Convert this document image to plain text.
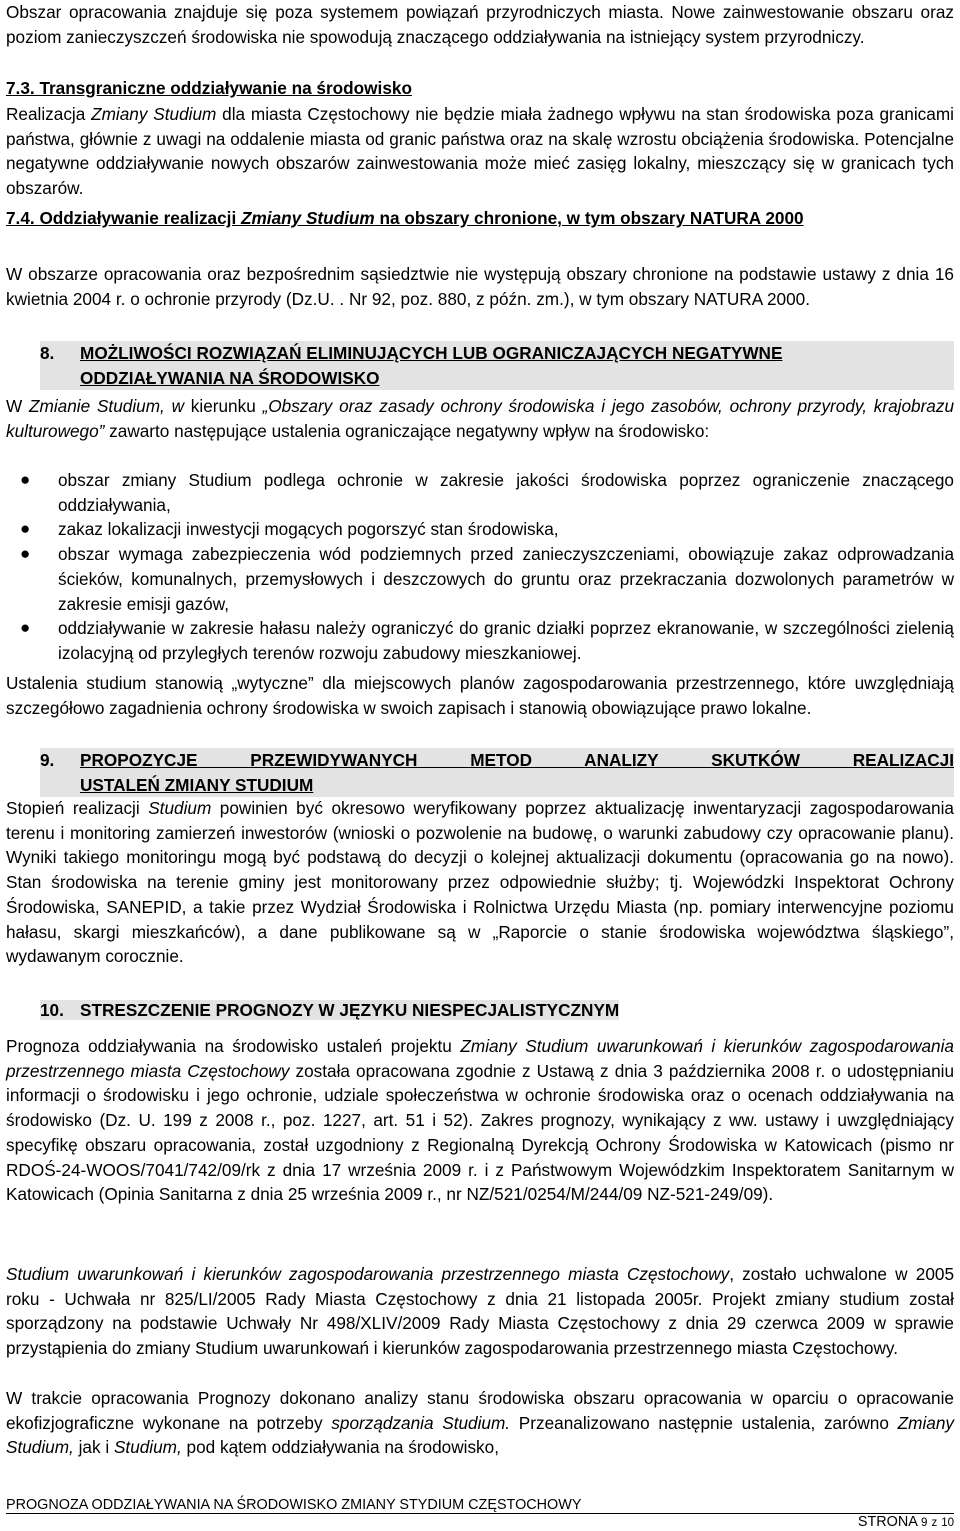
Obszar opracowania znajduje się poza systemem powiązań przyrodniczych miasta. Nowe zainwestowanie obszaru oraz poziom zanieczyszczeń środowiska nie spowodują znaczącego oddziaływania na istniejący system przyrodniczy.
7.3. Transgraniczne oddziaływanie na środowisko
Realizacja Zmiany Studium dla miasta Częstochowy nie będzie miała żadnego wpływu na stan środowiska poza granicami państwa, głównie z uwagi na oddalenie miasta od granic państwa oraz na skalę wzrostu obciążenia środowiska. Potencjalne negatywne oddziaływanie nowych obszarów zainwestowania może mieć zasięg lokalny, mieszczący się w granicach tych obszarów.
7.4. Oddziaływanie realizacji Zmiany Studium na obszary chronione, w tym obszary NATURA 2000
W obszarze opracowania oraz bezpośrednim sąsiedztwie nie występują obszary chronione na podstawie ustawy z dnia 16 kwietnia 2004 r. o ochronie przyrody (Dz.U. . Nr 92, poz. 880, z późn. zm.), w tym obszary NATURA 2000.
8. MOŻLIWOŚCI ROZWIĄZAŃ ELIMINUJĄCYCH LUB OGRANICZAJĄCYCH NEGATYWNE
ODDZIAŁYWANIA NA ŚRODOWISKO
W Zmianie Studium, w kierunku „Obszary oraz zasady ochrony środowiska i jego zasobów, ochrony przyrody, krajobrazu kulturowego” zawarto następujące ustalenia ograniczające negatywny wpływ na środowisko:
● obszar zmiany Studium podlega ochronie w zakresie jakości środowiska poprzez ograniczenie znaczącego oddziaływania,
● zakaz lokalizacji inwestycji mogących pogorszyć stan środowiska,
● obszar wymaga zabezpieczenia wód podziemnych przed zanieczyszczeniami, obowiązuje zakaz odprowadzania ścieków, komunalnych, przemysłowych i deszczowych do gruntu oraz przekraczania dozwolonych parametrów w zakresie emisji gazów,
● oddziaływanie w zakresie hałasu należy ograniczyć do granic działki poprzez ekranowanie, w szczególności zielenią izolacyjną od przyległych terenów rozwoju zabudowy mieszkaniowej.
Ustalenia studium stanowią „wytyczne” dla miejscowych planów zagospodarowania przestrzennego, które uwzględniają szczegółowo zagadnienia ochrony środowiska w swoich zapisach i stanowią obowiązujące prawo lokalne.
9. PROPOZYCJE PRZEWIDYWANYCH METOD ANALIZY SKUTKÓW REALIZACJI
USTALEŃ ZMIANY STUDIUM
Stopień realizacji Studium powinien być okresowo weryfikowany poprzez aktualizację inwentaryzacji zagospodarowania terenu i monitoring zamierzeń inwestorów (wnioski o pozwolenie na budowę, o warunki zabudowy czy opracowanie planu). Wyniki takiego monitoringu mogą być podstawą do decyzji o kolejnej aktualizacji dokumentu (opracowania go na nowo). Stan środowiska na terenie gminy jest monitorowany przez odpowiednie służby; tj. Wojewódzki Inspektorat Ochrony Środowiska, SANEPID, a takie przez Wydział Środowiska i Rolnictwa Urzędu Miasta (np. pomiary interwencyjne poziomu hałasu, skargi mieszkańców), a dane publikowane są w „Raporcie o stanie środowiska województwa śląskiego”, wydawanym corocznie.
10. STRESZCZENIE PROGNOZY W JĘZYKU NIESPECJALISTYCZNYM
Prognoza oddziaływania na środowisko ustaleń projektu Zmiany Studium uwarunkowań i kierunków zagospodarowania przestrzennego miasta Częstochowy została opracowana zgodnie z Ustawą z dnia 3 października 2008 r. o udostępnianiu informacji o środowisku i jego ochronie, udziale społeczeństwa w ochronie środowiska oraz o ocenach oddziaływania na środowisko (Dz. U. 199 z 2008 r., poz. 1227, art. 51 i 52). Zakres prognozy, wynikający z ww. ustawy i uwzględniający specyfikę obszaru opracowania, został uzgodniony z Regionalną Dyrekcją Ochrony Środowiska w Katowicach (pismo nr RDOŚ-24-WOOS/7041/742/09/rk z dnia 17 września 2009 r. i z Państwowym Wojewódzkim Inspektoratem Sanitarnym w Katowicach (Opinia Sanitarna z dnia 25 września 2009 r., nr NZ/521/0254/M/244/09 NZ-521-249/09).
Studium uwarunkowań i kierunków zagospodarowania przestrzennego miasta Częstochowy, zostało uchwalone w 2005 roku - Uchwała nr 825/LI/2005 Rady Miasta Częstochowy z dnia 21 listopada 2005r. Projekt zmiany studium został sporządzony na podstawie Uchwały Nr 498/XLIV/2009 Rady Miasta Częstochowy z dnia 29 czerwca 2009 w sprawie przystąpienia do zmiany Studium uwarunkowań i kierunków zagospodarowania przestrzennego miasta Częstochowy.
W trakcie opracowania Prognozy dokonano analizy stanu środowiska obszaru opracowania w oparciu o opracowanie ekofizjograficzne wykonane na potrzeby sporządzania Studium. Przeanalizowano następnie ustalenia, zarówno Zmiany Studium, jak i Studium, pod kątem oddziaływania na środowisko,
PROGNOZA ODDZIAŁYWANIA NA ŚRODOWISKO ZMIANY STYDIUM CZĘSTOCHOWY
STRONA 9 z 10
